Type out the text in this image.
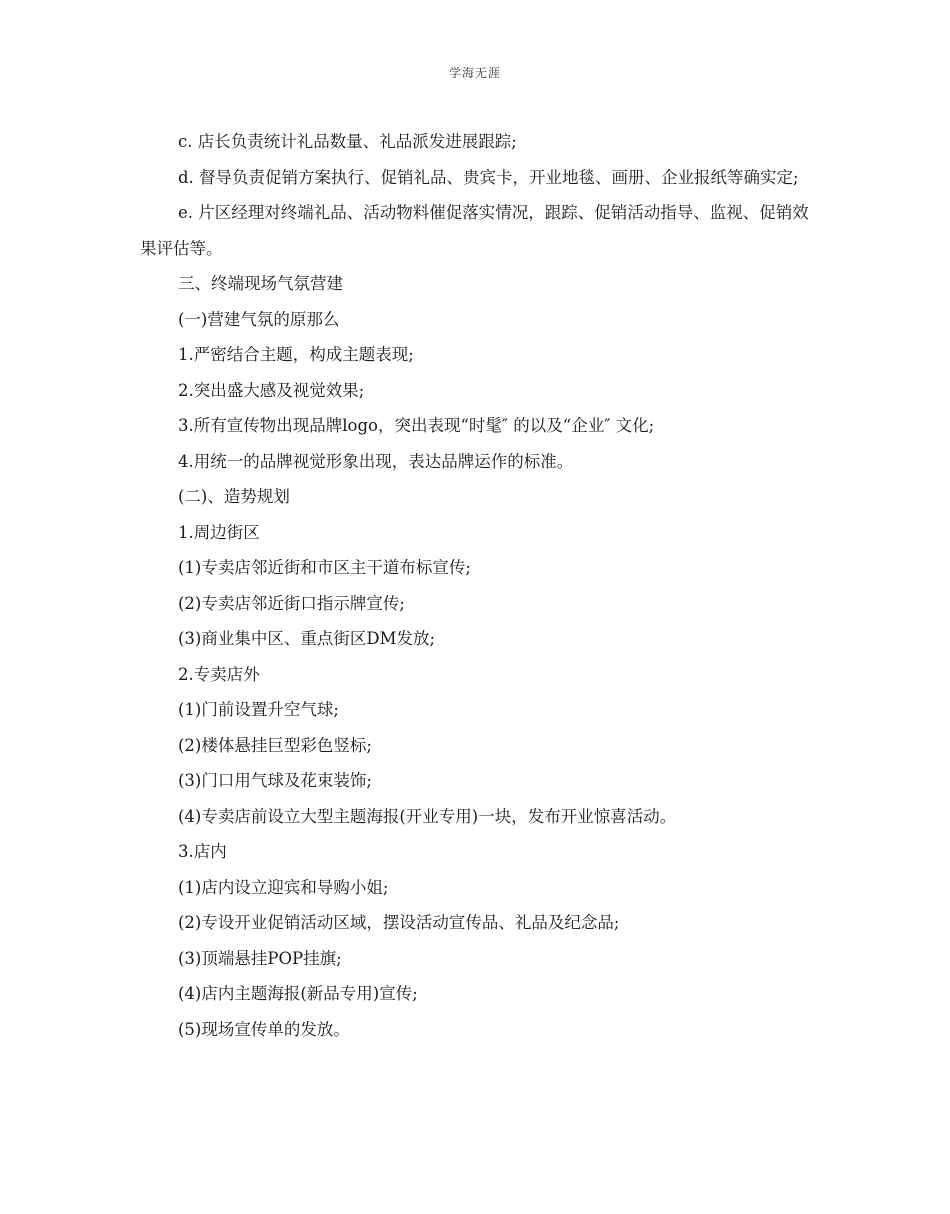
学海无涯

c. 店长负责统计礼品数量、礼品派发进展跟踪;

d. 督导负责促销方案执行、促销礼品、贵宾卡，开业地毯、画册、企业报纸等确实定;

e. 片区经理对终端礼品、活动物料催促落实情况，跟踪、促销活动指导、监视、促销效果评估等。

三、终端现场气氛营建

(一)营建气氛的原那么

1.严密结合主题，构成主题表现;

2.突出盛大感及视觉效果;

3.所有宣传物出现品牌logo，突出表现“时髦″ 的以及“企业″ 文化;

4.用统一的品牌视觉形象出现，表达品牌运作的标准。

(二)、造势规划

1.周边街区

(1)专卖店邻近街和市区主干道布标宣传;

(2)专卖店邻近街口指示牌宣传;

(3)商业集中区、重点街区DM发放;

2.专卖店外

(1)门前设置升空气球;

(2)楼体悬挂巨型彩色竖标;

(3)门口用气球及花束装饰;

(4)专卖店前设立大型主题海报(开业专用)一块，发布开业惊喜活动。

3.店内

(1)店内设立迎宾和导购小姐;

(2)专设开业促销活动区域，摆设活动宣传品、礼品及纪念品;

(3)顶端悬挂POP挂旗;

(4)店内主题海报(新品专用)宣传;

(5)现场宣传单的发放。
